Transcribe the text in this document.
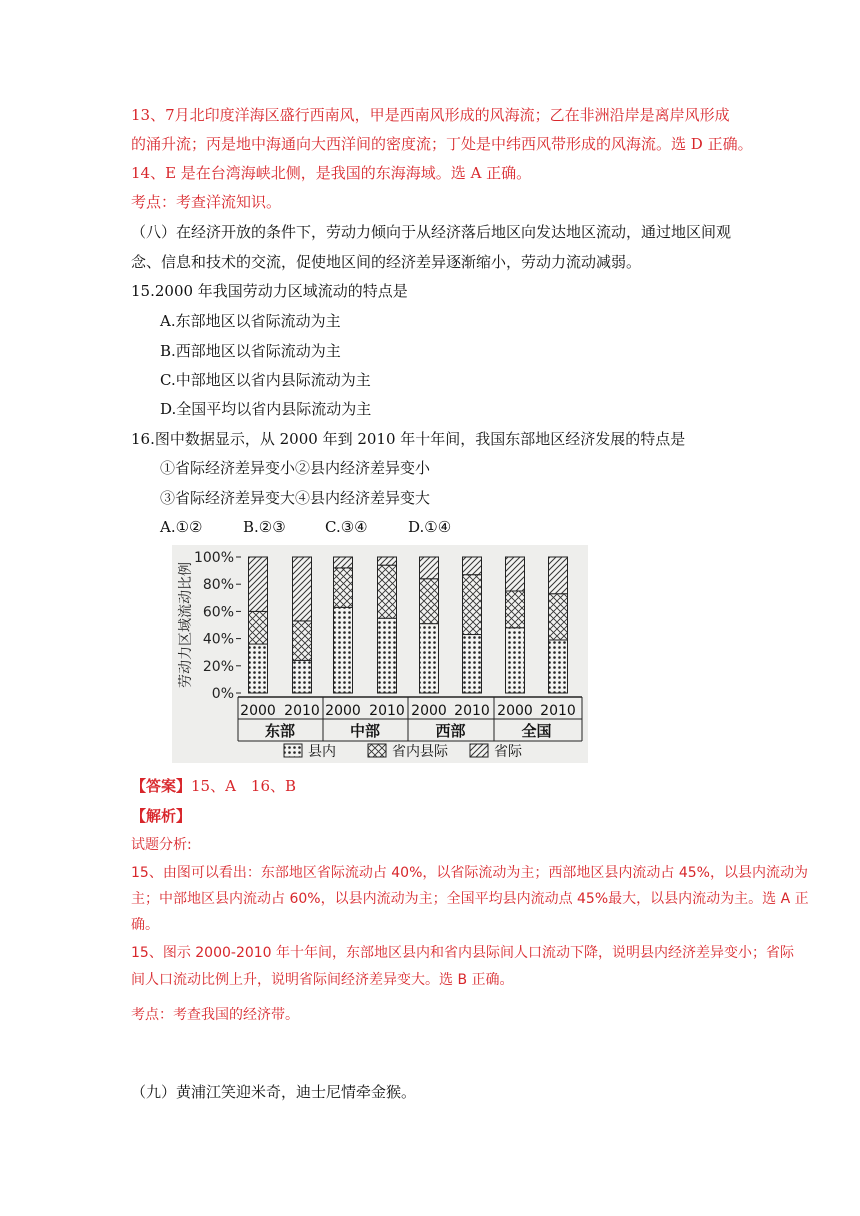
13、7月北印度洋海区盛行西南风，甲是西南风形成的风海流；乙在非洲沿岸是离岸风形成
的涌升流；丙是地中海通向大西洋间的密度流；丁处是中纬西风带形成的风海流。选 D 正确。
14、E 是在台湾海峡北侧，是我国的东海海域。选 A 正确。
考点：考查洋流知识。
（八）在经济开放的条件下，劳动力倾向于从经济落后地区向发达地区流动，通过地区间观
念、信息和技术的交流，促使地区间的经济差异逐渐缩小，劳动力流动减弱。
15.2000 年我国劳动力区域流动的特点是
A.东部地区以省际流动为主
B.西部地区以省际流动为主
C.中部地区以省内县际流动为主
D.全国平均以省内县际流动为主
16.图中数据显示，从 2000 年到 2010 年十年间，我国东部地区经济发展的特点是
①省际经济差异变小②县内经济差异变小
③省际经济差异变大④县内经济差异变大
A.①②	B.②③	C.③④	D.①④
劳动力区域流动比例
0%
20%
40%
60%
80%
100%
2000 2010 2000 2010 2000 2010 2000 2010
东部	中部	西部	全国
县内	省内县际	省际
【答案】15、A　16、B
【解析】
试题分析:
15、由图可以看出：东部地区省际流动占 40%，以省际流动为主；西部地区县内流动占 45%，以县内流动为
主；中部地区县内流动占 60%，以县内流动为主；全国平均县内流动点 45%最大，以县内流动为主。选 A 正
确。
15、图示 2000-2010 年十年间，东部地区县内和省内县际间人口流动下降，说明县内经济差异变小；省际
间人口流动比例上升，说明省际间经济差异变大。选 B 正确。
考点：考查我国的经济带。
（九）黄浦江笑迎米奇，迪士尼情牵金猴。
